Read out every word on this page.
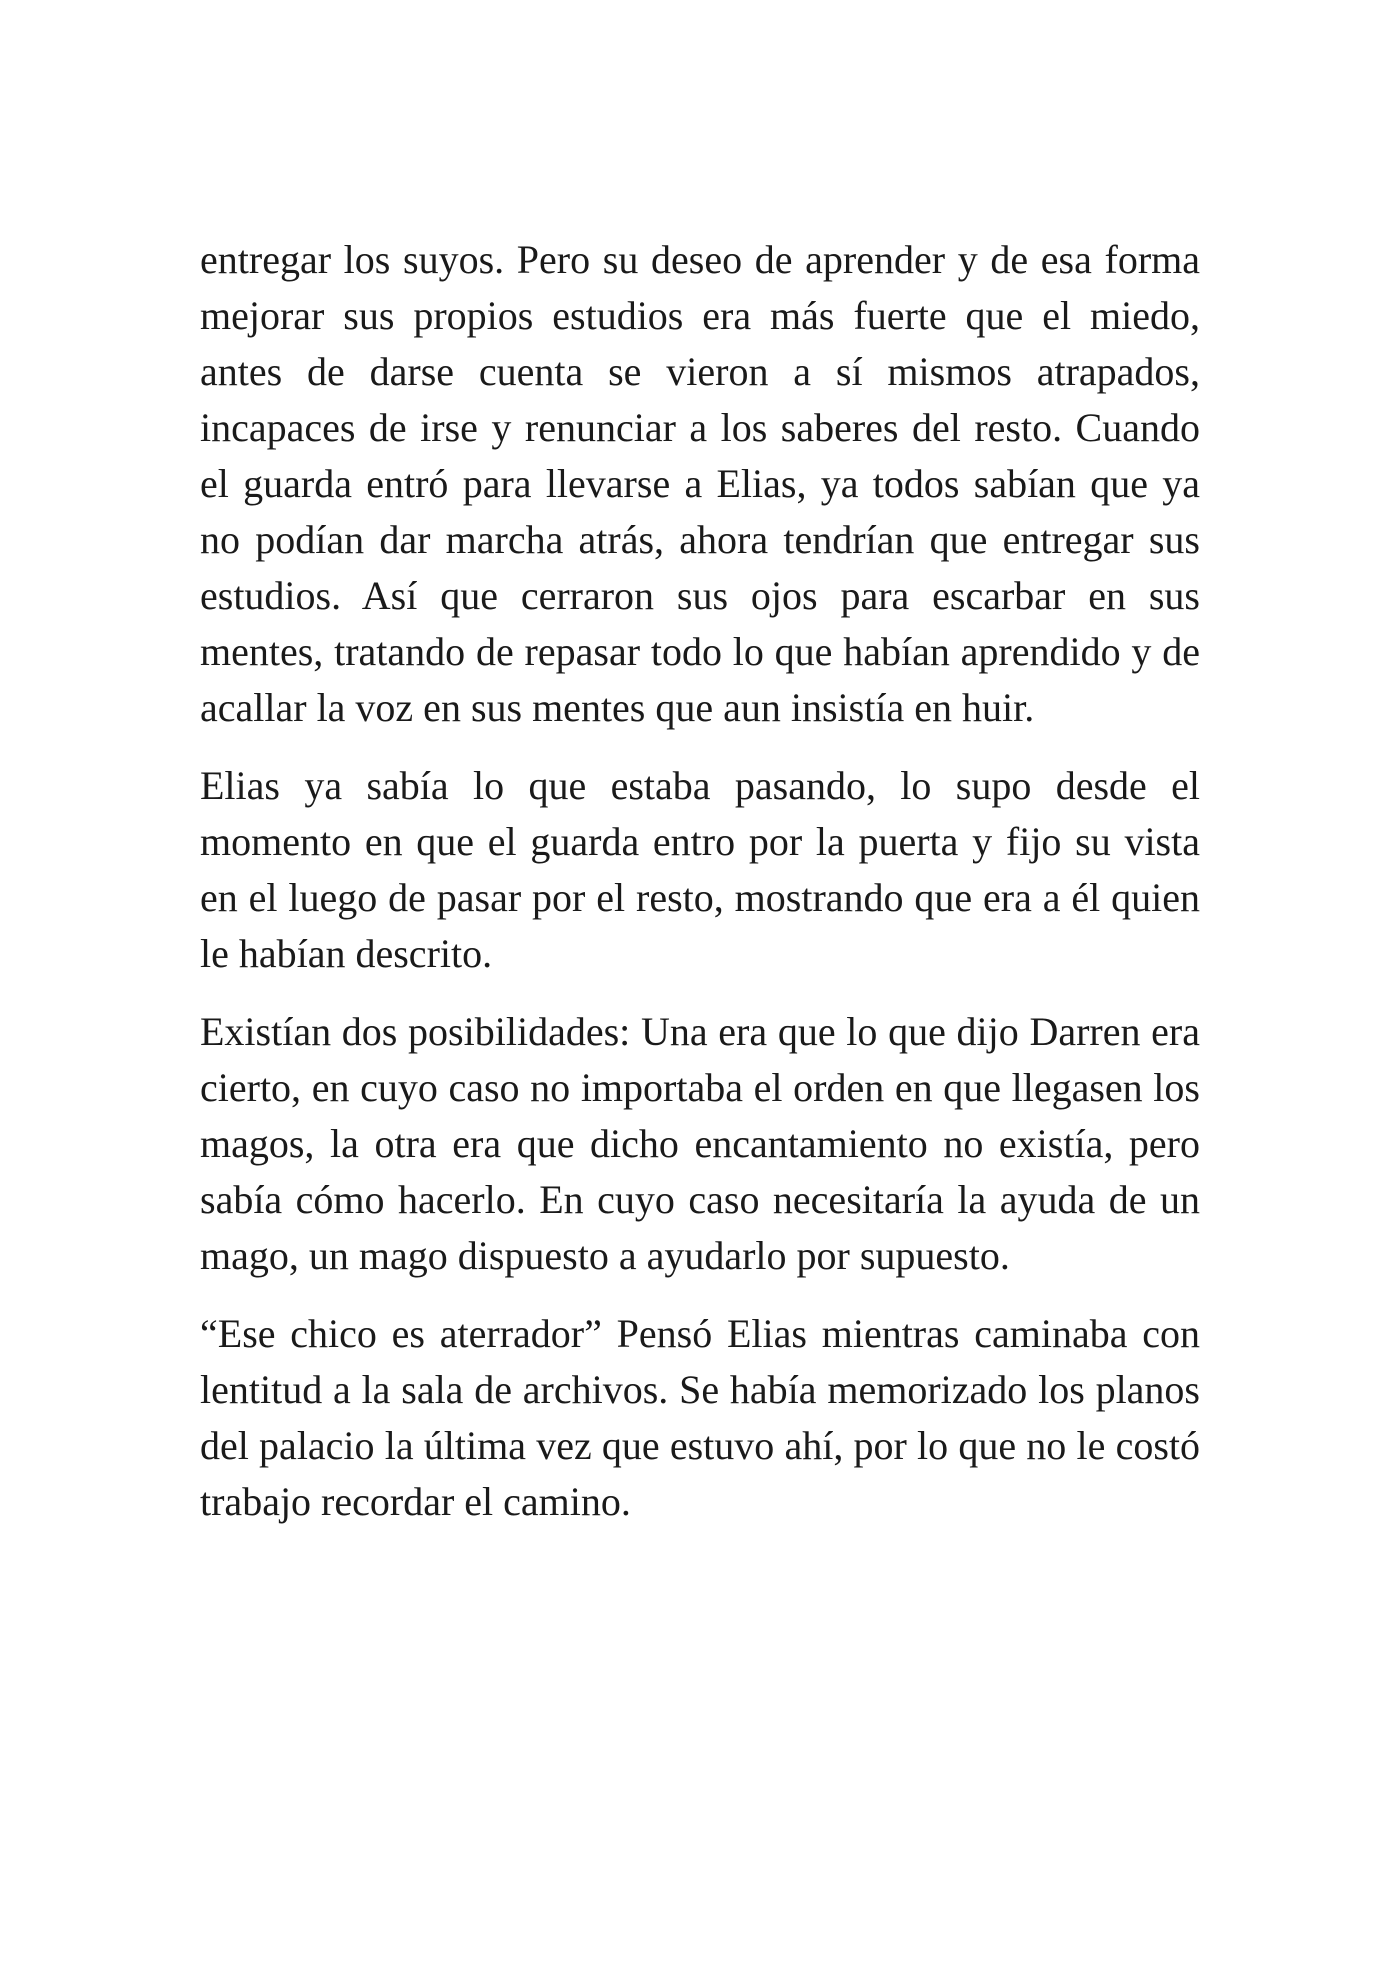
entregar los suyos. Pero su deseo de aprender y de esa forma mejorar sus propios estudios era más fuerte que el miedo, antes de darse cuenta se vieron a sí mismos atrapados, incapaces de irse y renunciar a los saberes del resto. Cuando el guarda entró para llevarse a Elias, ya todos sabían que ya no podían dar marcha atrás, ahora tendrían que entregar sus estudios. Así que cerraron sus ojos para escarbar en sus mentes, tratando de repasar todo lo que habían aprendido y de acallar la voz en sus mentes que aun insistía en huir.

Elias ya sabía lo que estaba pasando, lo supo desde el momento en que el guarda entro por la puerta y fijo su vista en el luego de pasar por el resto, mostrando que era a él quien le habían descrito.

Existían dos posibilidades: Una era que lo que dijo Darren era cierto, en cuyo caso no importaba el orden en que llegasen los magos, la otra era que dicho encantamiento no existía, pero sabía cómo hacerlo. En cuyo caso necesitaría la ayuda de un mago, un mago dispuesto a ayudarlo por supuesto.

“Ese chico es aterrador” Pensó Elias mientras caminaba con lentitud a la sala de archivos. Se había memorizado los planos del palacio la última vez que estuvo ahí, por lo que no le costó trabajo recordar el camino.
